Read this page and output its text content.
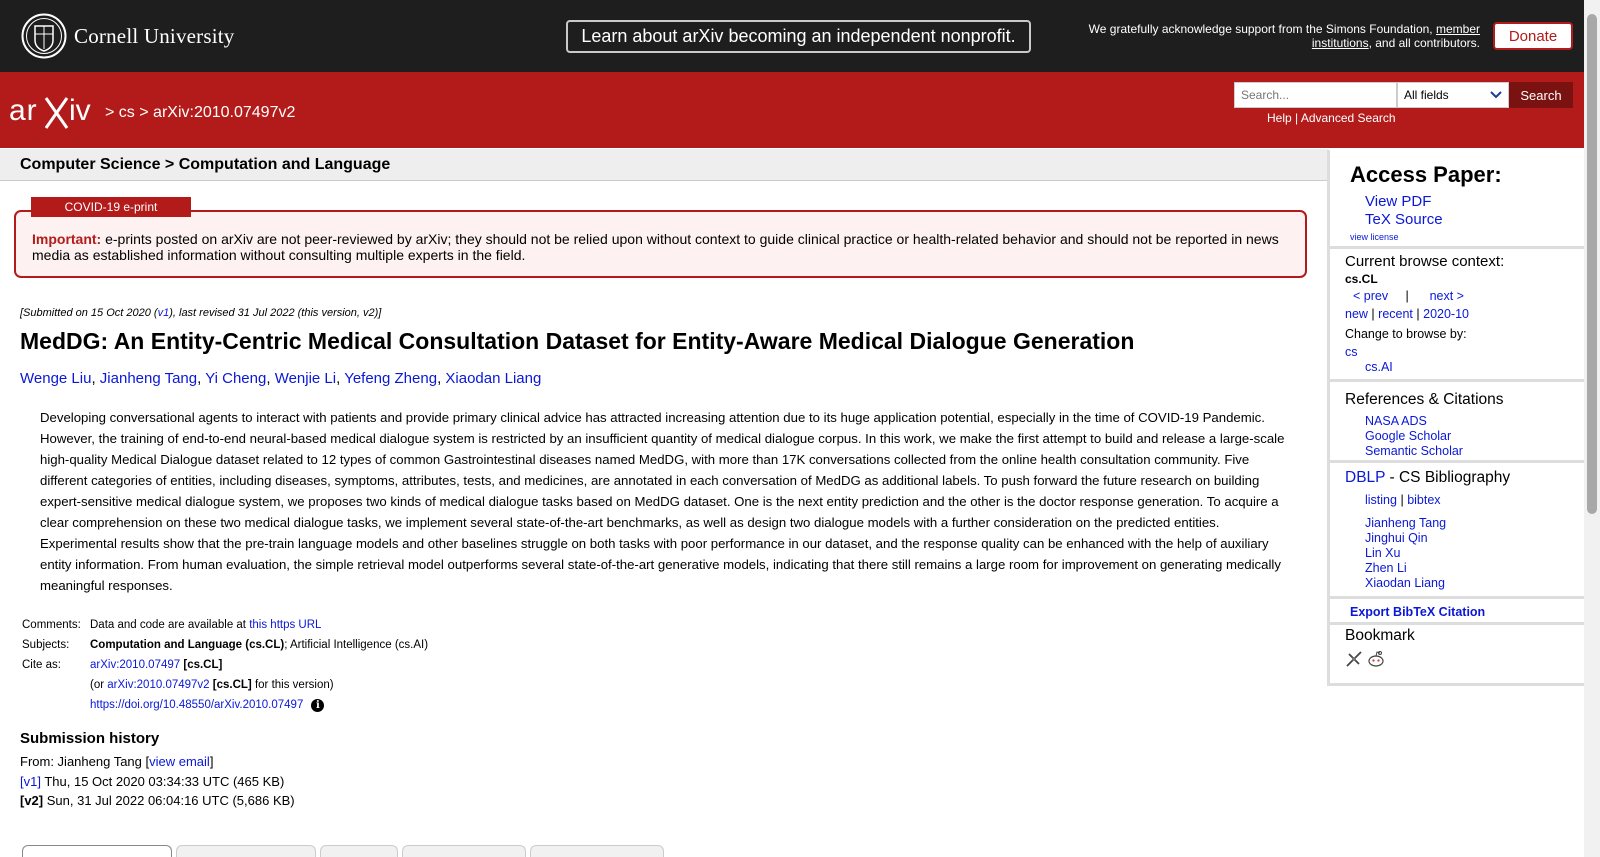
Cornell University	Learn about arXiv becoming an independent nonprofit.	We gratefully acknowledge support from the Simons Foundation, member institutions, and all contributors.	Donate
ar iv > cs > arXiv:2010.07497v2
Search...	All fields	Search
Help | Advanced Search
Computer Science > Computation and Language
Important: e-prints posted on arXiv are not peer-reviewed by arXiv; they should not be relied upon without context to guide clinical practice or health-related behavior and should not be reported in news media as established information without consulting multiple experts in the field.
COVID-19 e-print
[Submitted on 15 Oct 2020 (v1), last revised 31 Jul 2022 (this version, v2)]
MedDG: An Entity-Centric Medical Consultation Dataset for Entity-Aware Medical Dialogue Generation
Wenge Liu, Jianheng Tang, Yi Cheng, Wenjie Li, Yefeng Zheng, Xiaodan Liang
Developing conversational agents to interact with patients and provide primary clinical advice has attracted increasing attention due to its huge application potential, especially in the time of COVID-19 Pandemic. However, the training of end-to-end neural-based medical dialogue system is restricted by an insufficient quantity of medical dialogue corpus. In this work, we make the first attempt to build and release a large-scale high-quality Medical Dialogue dataset related to 12 types of common Gastrointestinal diseases named MedDG, with more than 17K conversations collected from the online health consultation community. Five different categories of entities, including diseases, symptoms, attributes, tests, and medicines, are annotated in each conversation of MedDG as additional labels. To push forward the future research on building expert-sensitive medical dialogue system, we proposes two kinds of medical dialogue tasks based on MedDG dataset. One is the next entity prediction and the other is the doctor response generation. To acquire a clear comprehension on these two medical dialogue tasks, we implement several state-of-the-art benchmarks, as well as design two dialogue models with a further consideration on the predicted entities. Experimental results show that the pre-train language models and other baselines struggle on both tasks with poor performance in our dataset, and the response quality can be enhanced with the help of auxiliary entity information. From human evaluation, the simple retrieval model outperforms several state-of-the-art generative models, indicating that there still remains a large room for improvement on generating medically meaningful responses.
Comments:	Data and code are available at this https URL
Subjects:	Computation and Language (cs.CL); Artificial Intelligence (cs.AI)
Cite as:	arXiv:2010.07497 [cs.CL]
	(or arXiv:2010.07497v2 [cs.CL] for this version)
	https://doi.org/10.48550/arXiv.2010.07497 i
Submission history
From: Jianheng Tang [view email]
[v1] Thu, 15 Oct 2020 03:34:33 UTC (465 KB)
[v2] Sun, 31 Jul 2022 06:04:16 UTC (5,686 KB)
Access Paper:
View PDF
TeX Source
view license
Current browse context:
cs.CL
< prev | next >
new | recent | 2020-10
Change to browse by:
cs
cs.AI
References & Citations
NASA ADS
Google Scholar
Semantic Scholar
DBLP - CS Bibliography
listing | bibtex
Jianheng Tang
Jinghui Qin
Lin Xu
Zhen Li
Xiaodan Liang
Export BibTeX Citation
Bookmark
